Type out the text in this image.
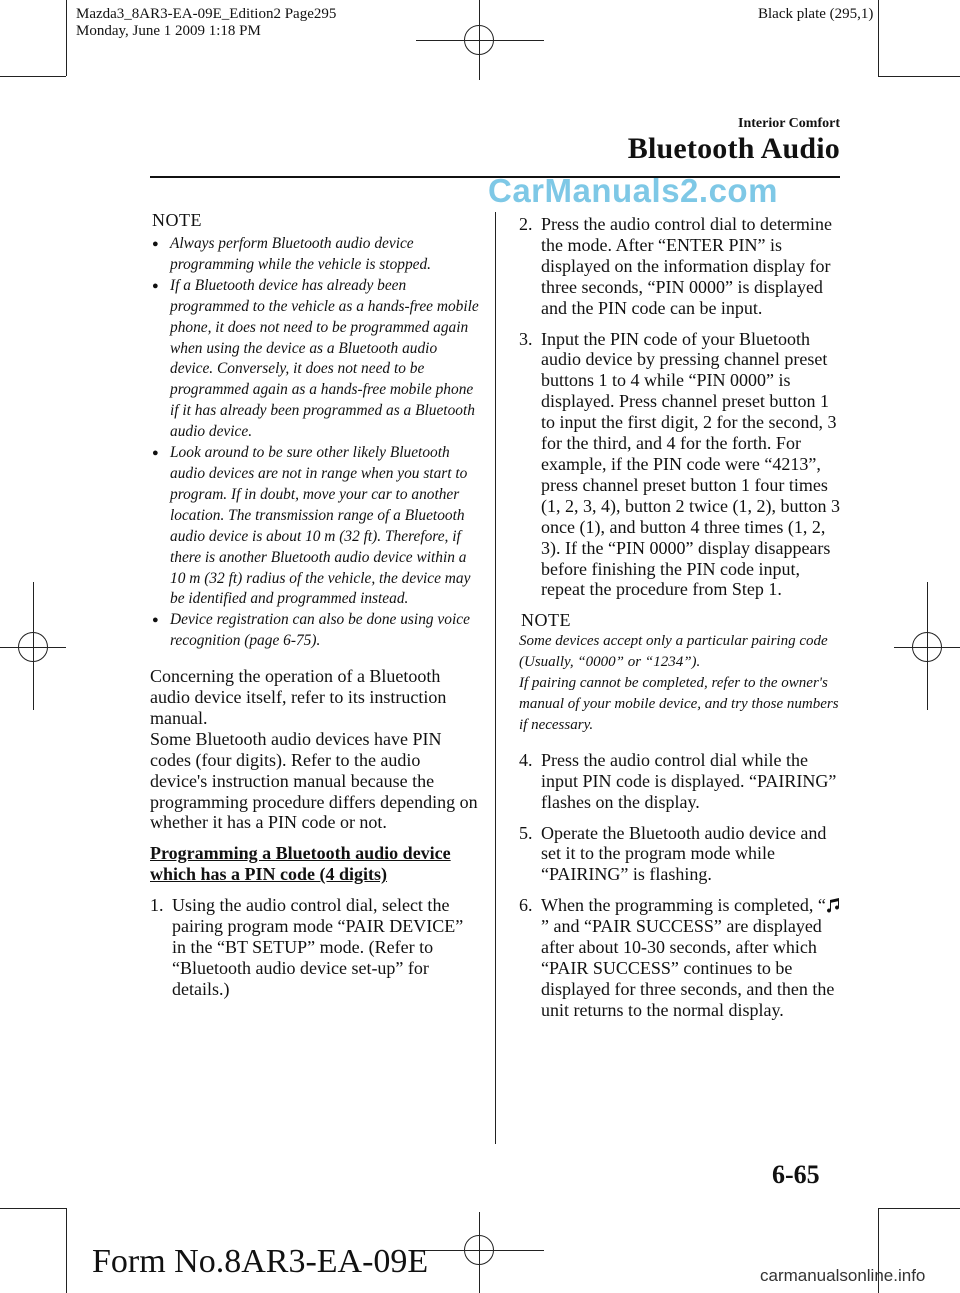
Mazda3_8AR3-EA-09E_Edition2 Page295
Monday, June 1 2009 1:18 PM
Black plate (295,1)
Interior Comfort
Bluetooth Audio
CarManuals2.com
NOTE
● Always perform Bluetooth audio device programming while the vehicle is stopped.
● If a Bluetooth device has already been programmed to the vehicle as a hands-free mobile phone, it does not need to be programmed again when using the device as a Bluetooth audio device. Conversely, it does not need to be programmed again as a hands-free mobile phone if it has already been programmed as a Bluetooth audio device.
● Look around to be sure other likely Bluetooth audio devices are not in range when you start to program. If in doubt, move your car to another location. The transmission range of a Bluetooth audio device is about 10 m (32 ft). Therefore, if there is another Bluetooth audio device within a 10 m (32 ft) radius of the vehicle, the device may be identified and programmed instead.
● Device registration can also be done using voice recognition (page 6-75).
Concerning the operation of a Bluetooth audio device itself, refer to its instruction manual.
Some Bluetooth audio devices have PIN codes (four digits). Refer to the audio device's instruction manual because the programming procedure differs depending on whether it has a PIN code or not.
Programming a Bluetooth audio device which has a PIN code (4 digits)
1. Using the audio control dial, select the pairing program mode “PAIR DEVICE” in the “BT SETUP” mode. (Refer to “Bluetooth audio device set-up” for details.)
2. Press the audio control dial to determine the mode. After “ENTER PIN” is displayed on the information display for three seconds, “PIN 0000” is displayed and the PIN code can be input.
3. Input the PIN code of your Bluetooth audio device by pressing channel preset buttons 1 to 4 while “PIN 0000” is displayed. Press channel preset button 1 to input the first digit, 2 for the second, 3 for the third, and 4 for the forth. For example, if the PIN code were “4213”, press channel preset button 1 four times (1, 2, 3, 4), button 2 twice (1, 2), button 3 once (1), and button 4 three times (1, 2, 3). If the “PIN 0000” display disappears before finishing the PIN code input, repeat the procedure from Step 1.
NOTE
Some devices accept only a particular pairing code (Usually, “0000” or “1234”).
If pairing cannot be completed, refer to the owner's manual of your mobile device, and try those numbers if necessary.
4. Press the audio control dial while the input PIN code is displayed. “PAIRING” flashes on the display.
5. Operate the Bluetooth audio device and set it to the program mode while “PAIRING” is flashing.
6. When the programming is completed, “” and “PAIR SUCCESS” are displayed after about 10-30 seconds, after which “PAIR SUCCESS” continues to be displayed for three seconds, and then the unit returns to the normal display.
6-65
Form No.8AR3-EA-09E	carmanualsonline.info
